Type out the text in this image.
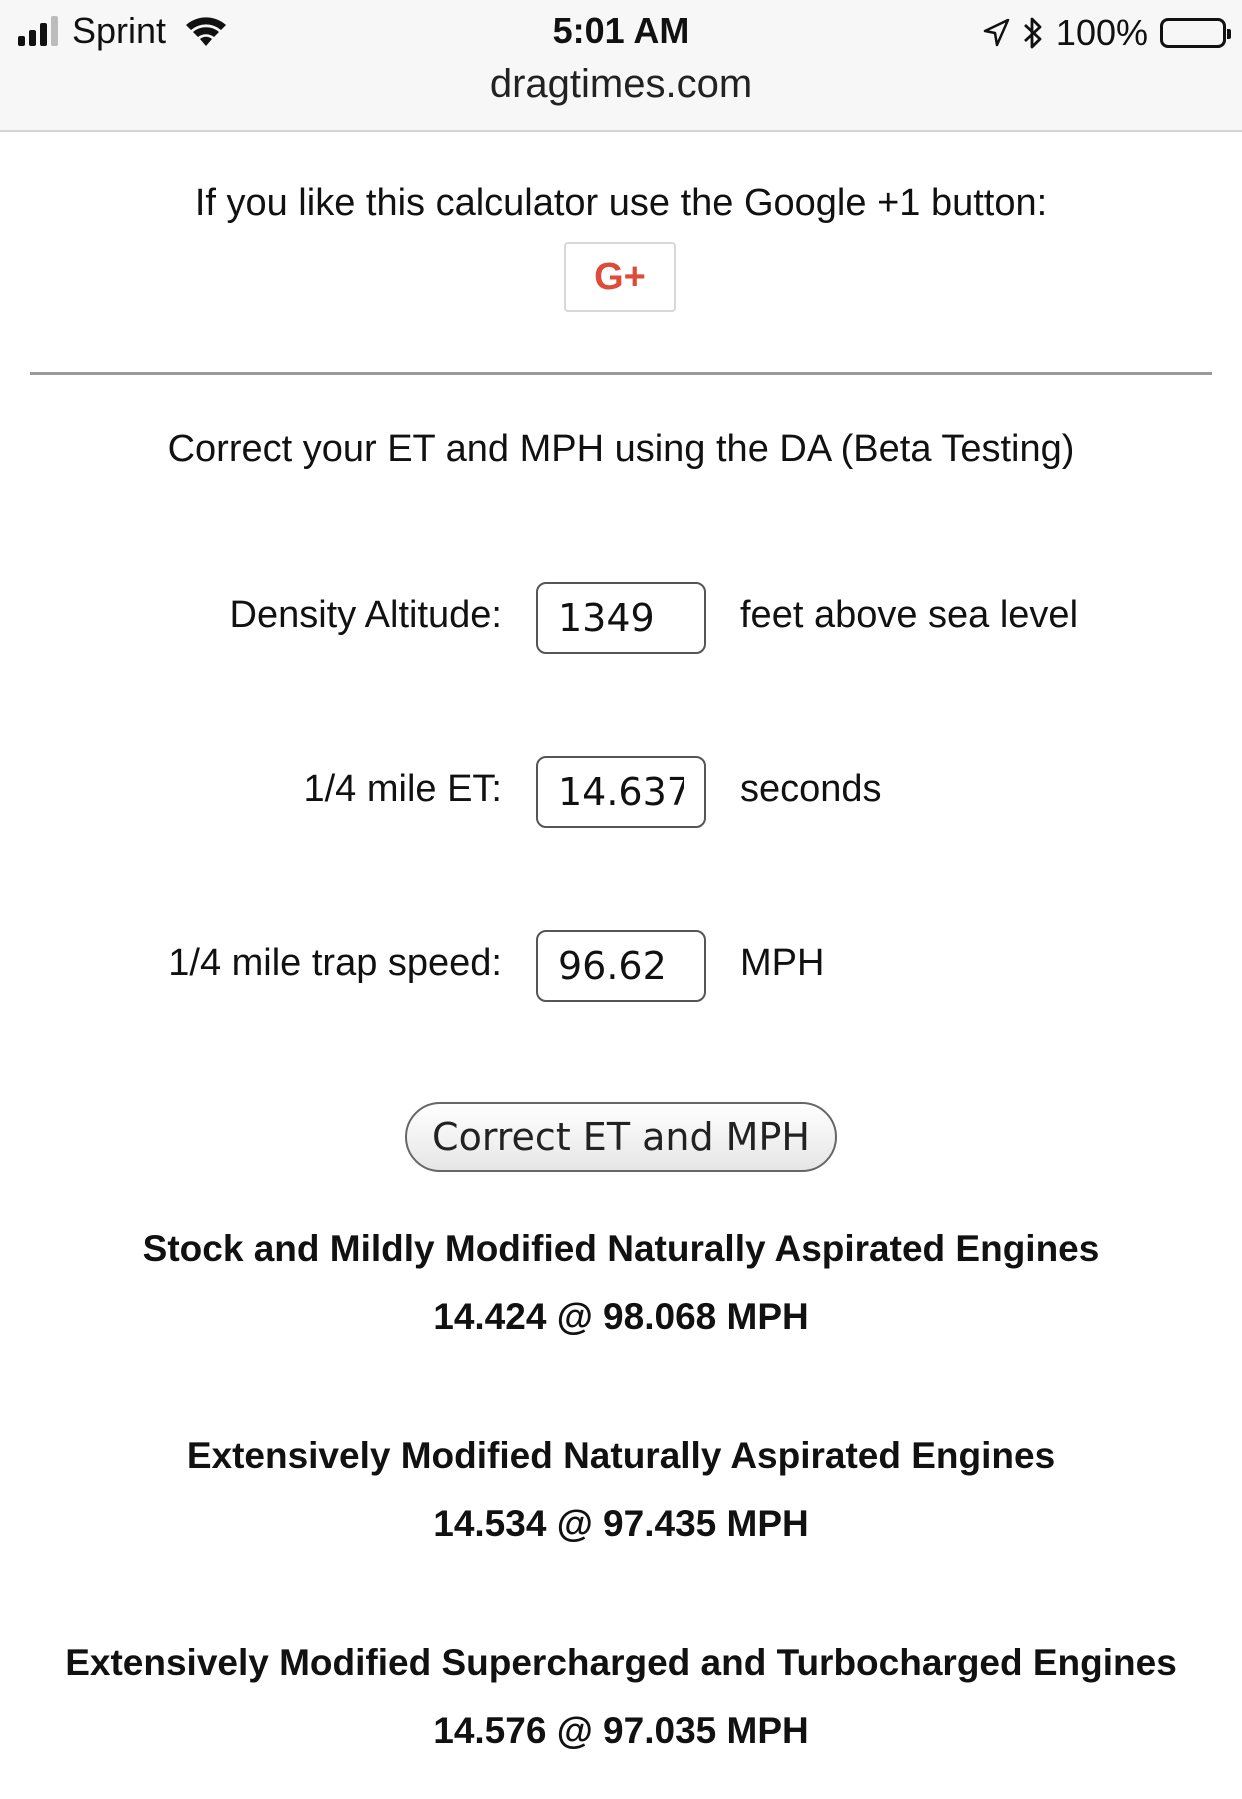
Sprint	5:01 AM
dragtimes.com
100%
If you like this calculator use the Google +1 button:
G+
Correct your ET and MPH using the DA (Beta Testing)
Density Altitude:
1349	feet above sea level
1/4 mile ET:
14.637	seconds
1/4 mile trap speed:
96.62	MPH
Correct ET and MPH
Stock and Mildly Modified Naturally Aspirated Engines
14.424 @ 98.068 MPH
Extensively Modified Naturally Aspirated Engines
14.534 @ 97.435 MPH
Extensively Modified Supercharged and Turbocharged Engines
14.576 @ 97.035 MPH
